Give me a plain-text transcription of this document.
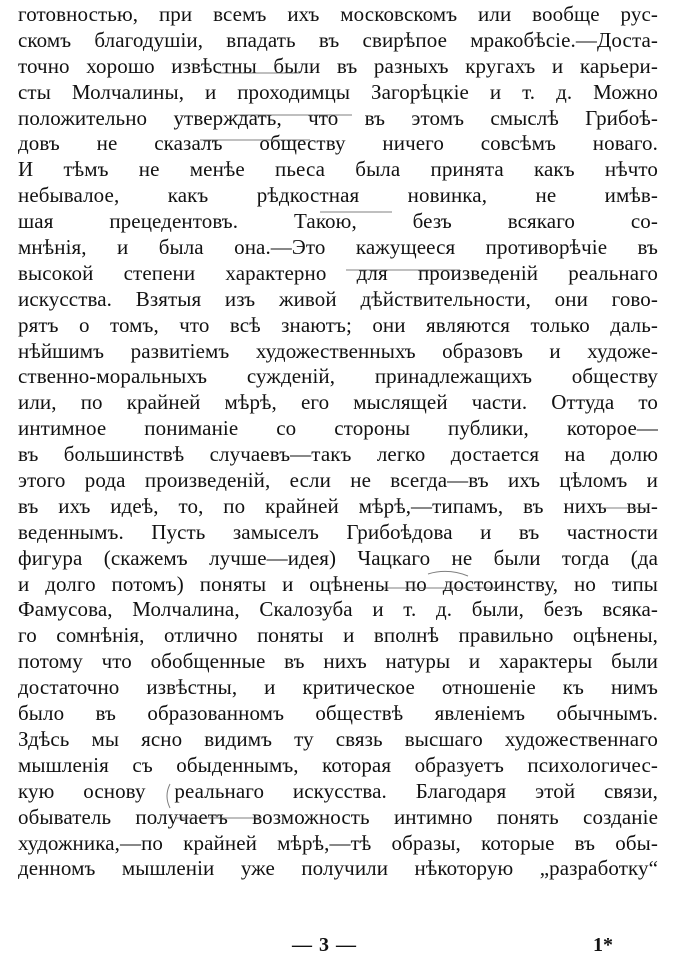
готовностью, при всемъ ихъ московскомъ или вообще рус-
скомъ благодушіи, впадать въ свирѣпое мракобѣсіе.—Доста-
точно хорошо извѣстны были въ разныхъ кругахъ и карьери-
сты Молчалины, и проходимцы Загорѣцкіе и т. д. Можно
положительно утверждать, что въ этомъ смыслѣ Грибоѣ-
довъ не сказалъ обществу ничего совсѣмъ новаго.
И тѣмъ не менѣе пьеса была принята какъ нѣчто
небывалое, какъ рѣдкостная новинка, не имѣв-
шая прецедентовъ. Такою, безъ всякаго со-
мнѣнія, и была она.—Это кажущееся противорѣчіе въ
высокой степени характерно для произведеній реальнаго
искусства. Взятыя изъ живой дѣйствительности, они гово-
рятъ о томъ, что всѣ знаютъ; они являются только даль-
нѣйшимъ развитіемъ художественныхъ образовъ и художе-
ственно-моральныхъ сужденій, принадлежащихъ обществу
или, по крайней мѣрѣ, его мыслящей части. Оттуда то
интимное пониманіе со стороны публики, которое—
въ большинствѣ случаевъ—такъ легко достается на долю
этого рода произведеній, если не всегда—въ ихъ цѣломъ и
въ ихъ идеѣ, то, по крайней мѣрѣ,—типамъ, въ нихъ вы-
веденнымъ. Пусть замыселъ Грибоѣдова и въ частности
фигура (скажемъ лучше—идея) Чацкаго не были тогда (да
и долго потомъ) поняты и оцѣнены по достоинству, но типы
Фамусова, Молчалина, Скалозуба и т. д. были, безъ всяка-
го сомнѣнія, отлично поняты и вполнѣ правильно оцѣнены,
потому что обобщенные въ нихъ натуры и характеры были
достаточно извѣстны, и критическое отношеніе къ нимъ
было въ образованномъ обществѣ явленіемъ обычнымъ.
Здѣсь мы ясно видимъ ту связь высшаго художественнаго
мышленія съ обыденнымъ, которая образуетъ психологичес-
кую основу реальнаго искусства. Благодаря этой связи,
обыватель получаетъ возможность интимно понять созданіе
художника,—по крайней мѣрѣ,—тѣ образы, которые въ обы-
денномъ мышленіи уже получили нѣкоторую „разработку“
— 3 —	1*
